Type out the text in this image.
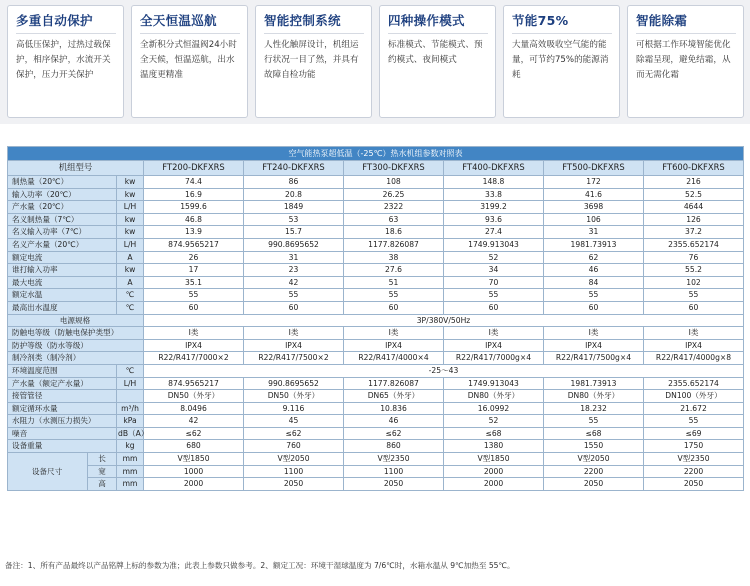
多重自动保护

高低压保护，过热过载保护，相序保护，水流开关保护，压力开关保护

全天恒温巡航

全新积分式恒温阀24小时全天候，恒温巡航，出水温度更精准

智能控制系统

人性化触屏设计，机组运行状况一目了然，并具有故障自检功能

四种操作模式

标准模式、节能模式、预约模式、夜间模式

节能75%

大量高效吸收空气能的能量，可节约75%的能源消耗

智能除霜

可根据工作环境智能优化除霜呈现，避免结霜，从而无需化霜

空气能热泵超低温（-25℃）热水机组参数对照表								
机组型号			FT200-DKFXRS	FT240-DKFXRS	FT300-DKFXRS	FT400-DKFXRS	FT500-DKFXRS	FT600-DKFXRS
制热量（20℃）		kw	74.4	86	108	148.8	172	216
输入功率（20℃）		kw	16.9	20.8	26.25	33.8	41.6	52.5
产水量（20℃）		L/H	1599.6	1849	2322	3199.2	3698	4644
名义制热量（7℃）		kw	46.8	53	63	93.6	106	126
名义输入功率（7℃）		kw	13.9	15.7	18.6	27.4	31	37.2
名义产水量（20℃）		L/H	874.9565217	990.8695652	1177.826087	1749.913043	1981.73913	2355.652174
额定电流		A	26	31	38	52	62	76
谁打输入功率		kw	17	23	27.6	34	46	55.2
最大电流		A	35.1	42	51	70	84	102
额定水温		℃	55	55	55	55	55	55
最高出水温度		℃	60	60	60	60	60	60
电源规格			3P/380V/50Hz					
防触电等级（防触电保护类型）			Ⅰ类	Ⅰ类	Ⅰ类	Ⅰ类	Ⅰ类	Ⅰ类
防护等级（防水等级）			IPX4	IPX4	IPX4	IPX4	IPX4	IPX4
制冷剂类（制冷剂）			R22/R417/7000×2	R22/R417/7500×2	R22/R417/4000×4	R22/R417/7000g×4	R22/R417/7500g×4	R22/R417/4000g×8
环境温度范围		℃	-25～43					
产水量（额定产水量）		L/H	874.9565217	990.8695652	1177.826087	1749.913043	1981.73913	2355.652174
接管管径			DN50（外牙）	DN50（外牙）	DN65（外牙）	DN80（外牙）	DN80（外牙）	DN100（外牙）
额定循环水量		m³/h	8.0496	9.116	10.836	16.0992	18.232	21.672
水阻力（水测压力损失）		kPa	42	45	46	52	55	55
噪音		dB（A）	≤62	≤62	≤62	≤68	≤68	≤69
设备重量		kg	680	760	860	1380	1550	1750
设备尺寸	长	mm	V型1850	V型2050	V型2350	V型1850	V型2050	V型2350
	宽	mm	1000	1100	1100	2000	2200	2200
	高	mm	2000	2050	2050	2000	2050	2050
备注：1、所有产品最终以产品铭牌上标的参数为准；此表上参数只做参考。2、额定工况：环境干湿球温度为 7/6℃时，水箱水温从 9℃加热至 55℃。
